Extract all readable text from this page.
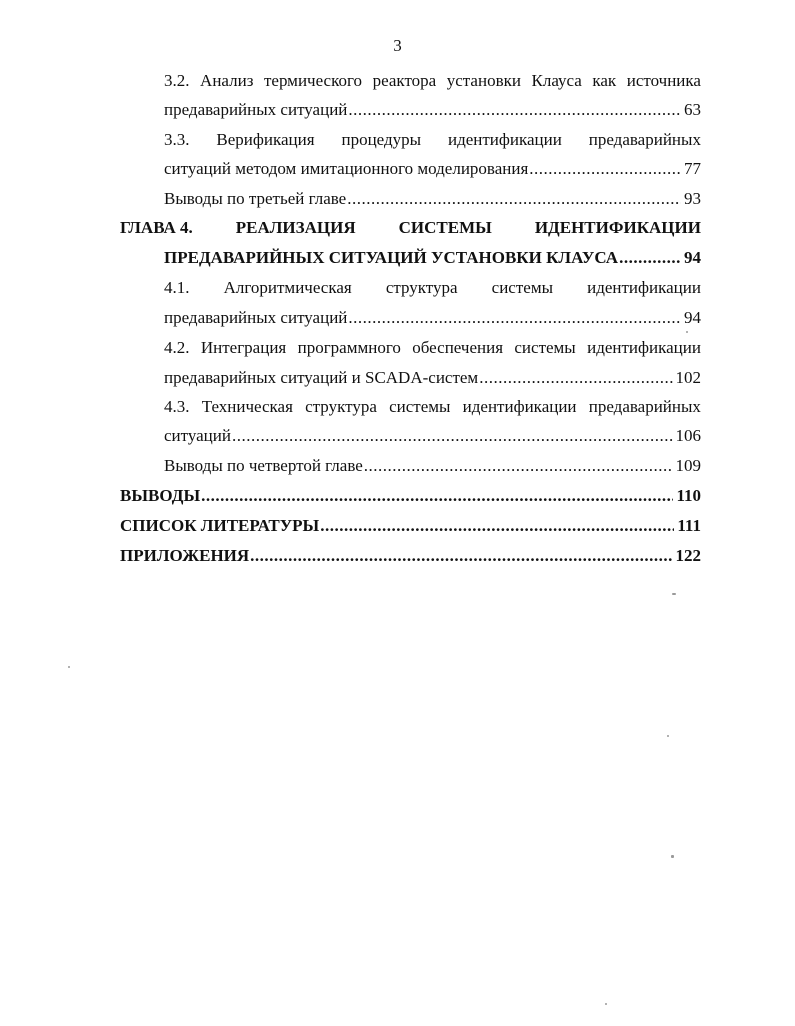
3
3.2. Анализ термического реактора установки Клауса как источника
предаварийных ситуаций .....	63
3.3. Верификация процедуры идентификации предаварийных
ситуаций методом имитационного моделирования .....	77
Выводы по третьей главе .....	93
ГЛАВА 4.	РЕАЛИЗАЦИЯ	СИСТЕМЫ	ИДЕНТИФИКАЦИИ
ПРЕДАВАРИЙНЫХ СИТУАЦИЙ УСТАНОВКИ КЛАУСА .....	94
4.1. Алгоритмическая структура системы идентификации
предаварийных ситуаций .....	94
4.2. Интеграция программного обеспечения системы идентификации
предаварийных ситуаций и SCADA-систем .....	102
4.3. Техническая структура системы идентификации предаварийных
ситуаций .....	106
Выводы по четвертой главе .....	109
ВЫВОДЫ .....	110
СПИСОК ЛИТЕРАТУРЫ .....	111
ПРИЛОЖЕНИЯ .....	122
